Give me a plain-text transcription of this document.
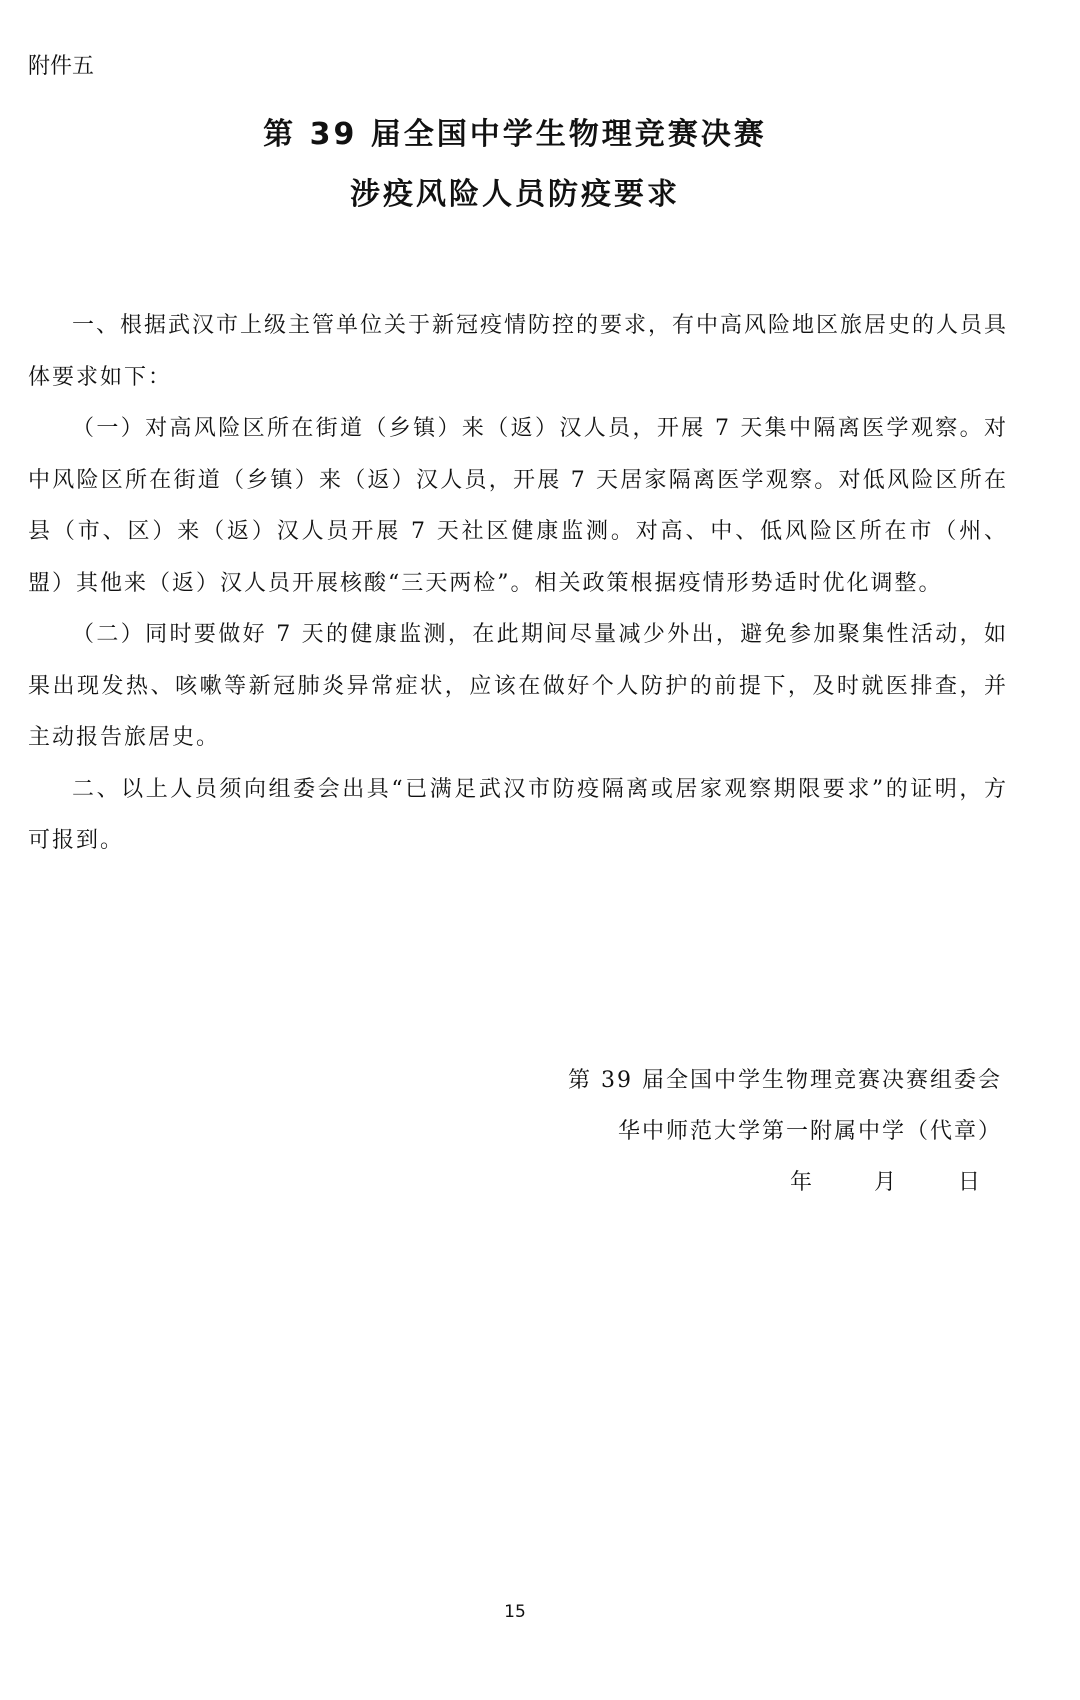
附件五
第 39 届全国中学生物理竞赛决赛
涉疫风险人员防疫要求

一、根据武汉市上级主管单位关于新冠疫情防控的要求，有中高风险地区旅居史的人员具体要求如下：

（一）对高风险区所在街道（乡镇）来（返）汉人员，开展 7 天集中隔离医学观察。对中风险区所在街道（乡镇）来（返）汉人员，开展 7 天居家隔离医学观察。对低风险区所在县（市、区）来（返）汉人员开展 7 天社区健康监测。对高、中、低风险区所在市（州、盟）其他来（返）汉人员开展核酸“三天两检”。相关政策根据疫情形势适时优化调整。

（二）同时要做好 7 天的健康监测，在此期间尽量减少外出，避免参加聚集性活动，如果出现发热、咳嗽等新冠肺炎异常症状，应该在做好个人防护的前提下，及时就医排查，并主动报告旅居史。

二、以上人员须向组委会出具“已满足武汉市防疫隔离或居家观察期限要求”的证明，方可报到。

第 39 届全国中学生物理竞赛决赛组委会
华中师范大学第一附属中学（代章）
年	月	日
15
